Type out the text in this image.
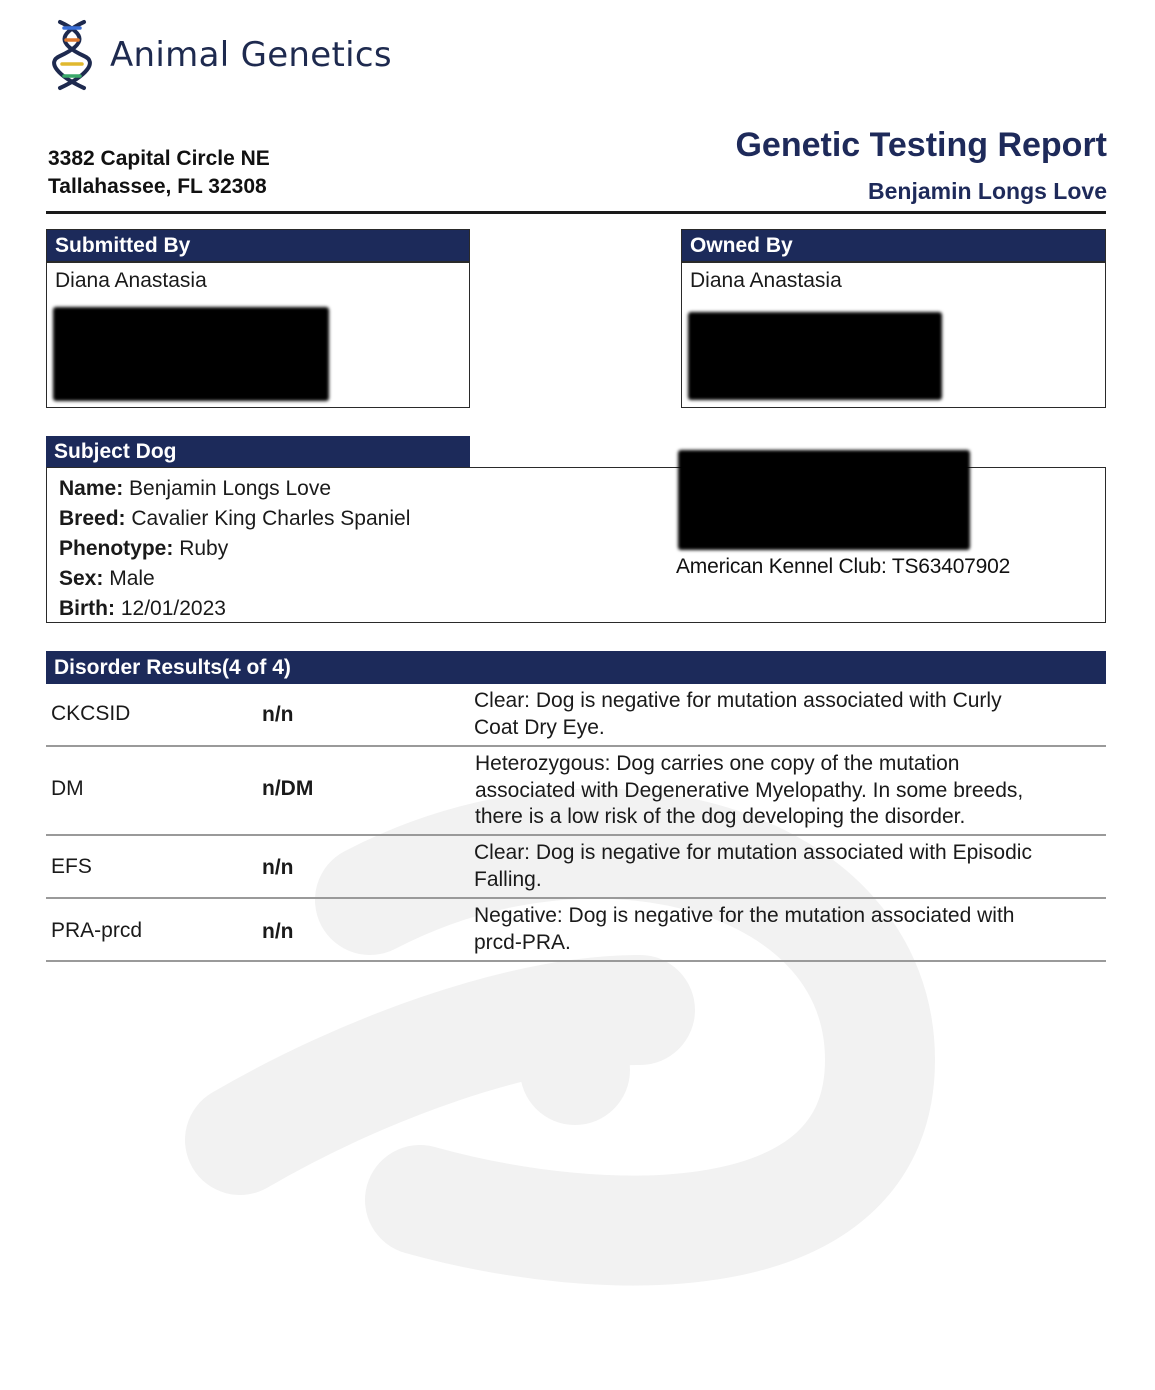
Animal Genetics
3382 Capital Circle NE
Tallahassee, FL 32308
Genetic Testing Report
Benjamin Longs Love
Submitted By
Diana Anastasia
Owned By
Diana Anastasia
Subject Dog
Name: Benjamin Longs Love
Breed: Cavalier King Charles Spaniel
Phenotype: Ruby
Sex: Male
Birth: 12/01/2023
American Kennel Club: TS63407902
Disorder Results(4 of 4)
CKCSID	n/n
Clear: Dog is negative for mutation associated with Curly
Coat Dry Eye.
DM	n/DM
Heterozygous: Dog carries one copy of the mutation
associated with Degenerative Myelopathy. In some breeds,
there is a low risk of the dog developing the disorder.
EFS	n/n
Clear: Dog is negative for mutation associated with Episodic
Falling.
PRA-prcd	n/n
Negative: Dog is negative for the mutation associated with
prcd-PRA.
